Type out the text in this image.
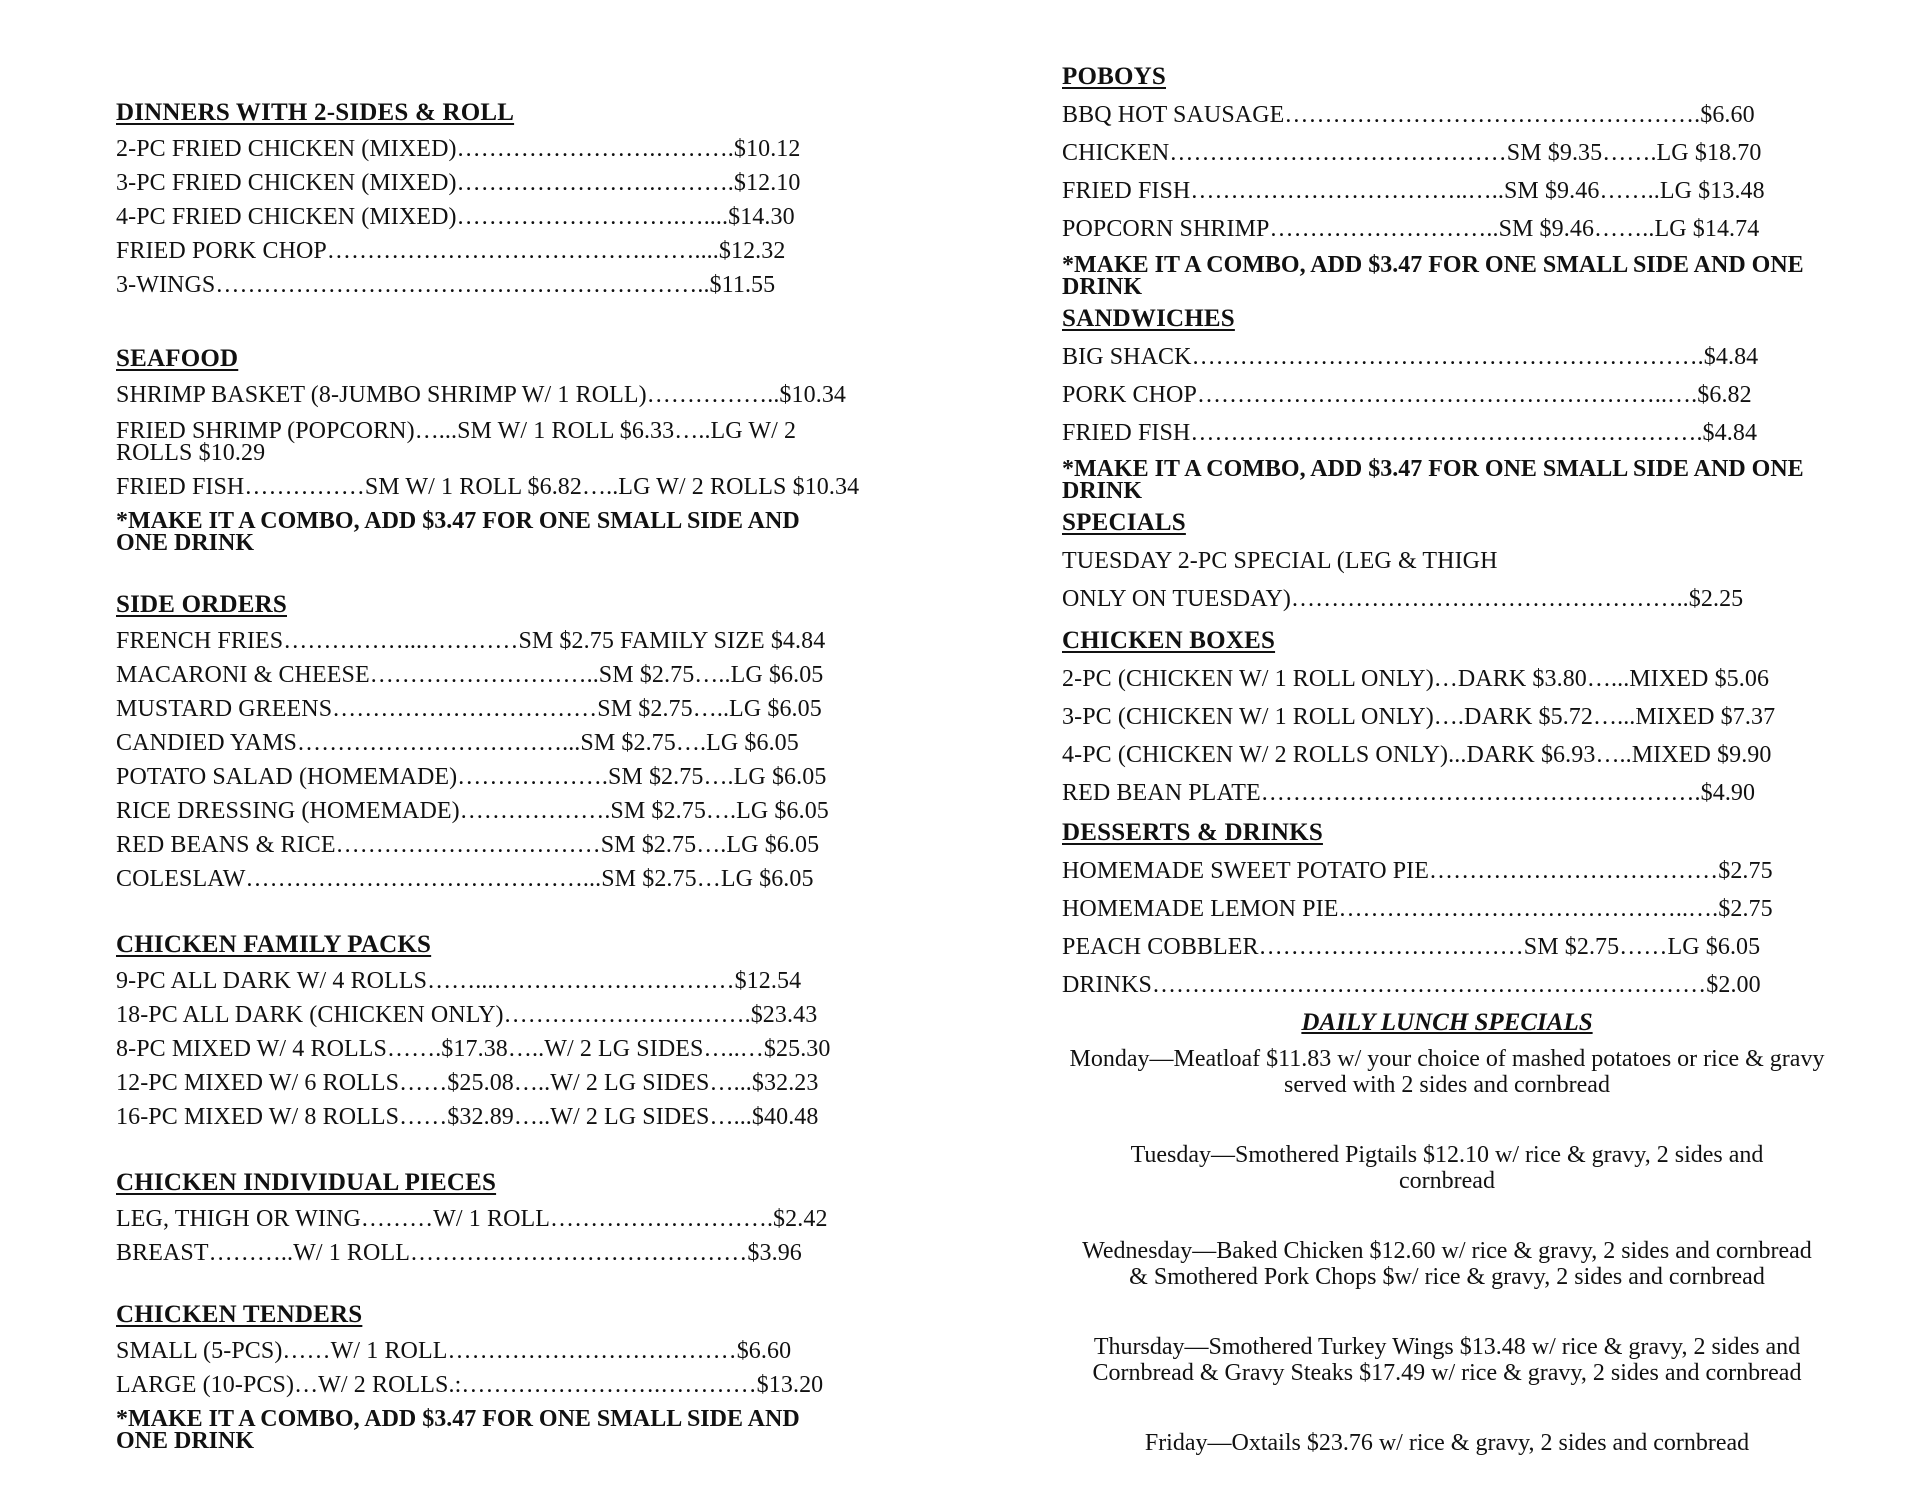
DINNERS WITH 2-SIDES & ROLL
2-PC FRIED CHICKEN (MIXED)…………………….……….$10.12
3-PC FRIED CHICKEN (MIXED)…………………….……….$12.10
4-PC FRIED CHICKEN (MIXED)……………………….…....$14.30
FRIED PORK CHOP………………………………….……....$12.32
3-WINGS……………………………………………………..$11.55
SEAFOOD
SHRIMP BASKET (8-JUMBO SHRIMP W/ 1 ROLL)……………..$10.34
FRIED SHRIMP (POPCORN)…...SM W/ 1 ROLL $6.33…..LG W/ 2 ROLLS $10.29
FRIED FISH……………SM W/ 1 ROLL $6.82…..LG W/ 2 ROLLS $10.34
*MAKE IT A COMBO, ADD $3.47 FOR ONE SMALL SIDE AND ONE DRINK
SIDE ORDERS
FRENCH FRIES……………...…………SM $2.75 FAMILY SIZE $4.84
MACARONI & CHEESE………………………..SM $2.75…..LG $6.05
MUSTARD GREENS……………………………SM $2.75…..LG $6.05
CANDIED YAMS……………………………...SM $2.75….LG $6.05
POTATO SALAD (HOMEMADE)……………….SM $2.75….LG $6.05
RICE DRESSING (HOMEMADE)……………….SM $2.75….LG $6.05
RED BEANS & RICE……………………………SM $2.75….LG $6.05
COLESLAW……………………………………...SM $2.75…LG $6.05
CHICKEN FAMILY PACKS
9-PC ALL DARK W/ 4 ROLLS……...…………………………$12.54
18-PC ALL DARK (CHICKEN ONLY)………………………….$23.43
8-PC MIXED W/ 4 ROLLS…….$17.38…..W/ 2 LG SIDES…..…$25.30
12-PC MIXED W/ 6 ROLLS……$25.08…..W/ 2 LG SIDES…...$32.23
16-PC MIXED W/ 8 ROLLS……$32.89…..W/ 2 LG SIDES…...$40.48
CHICKEN INDIVIDUAL PIECES
LEG, THIGH OR WING………W/ 1 ROLL……………………….$2.42
BREAST………..W/ 1 ROLL……………………………………$3.96
CHICKEN TENDERS
SMALL (5-PCS)……W/ 1 ROLL………………………………$6.60
LARGE (10-PCS)…W/ 2 ROLLS.:…………………….…………$13.20
*MAKE IT A COMBO, ADD $3.47 FOR ONE SMALL SIDE AND ONE DRINK
POBOYS
BBQ HOT SAUSAGE…………………………………………….$6.60
CHICKEN……………………………………SM $9.35…….LG $18.70
FRIED FISH……………………………..…..SM $9.46……..LG $13.48
POPCORN SHRIMP………………………..SM $9.46……..LG $14.74
*MAKE IT A COMBO, ADD $3.47 FOR ONE SMALL SIDE AND ONE DRINK
SANDWICHES
BIG SHACK……………………………………………………….$4.84
PORK CHOP…………………………………………………..….$6.82
FRIED FISH……………………………………………………….$4.84
*MAKE IT A COMBO, ADD $3.47 FOR ONE SMALL SIDE AND ONE DRINK
SPECIALS
TUESDAY 2-PC SPECIAL (LEG & THIGH
ONLY ON TUESDAY)…………………………………………..$2.25
CHICKEN BOXES
2-PC (CHICKEN W/ 1 ROLL ONLY)…DARK $3.80…...MIXED $5.06
3-PC (CHICKEN W/ 1 ROLL ONLY)….DARK $5.72…...MIXED $7.37
4-PC (CHICKEN W/ 2 ROLLS ONLY)...DARK $6.93…..MIXED $9.90
RED BEAN PLATE……………………………………………….$4.90
DESSERTS & DRINKS
HOMEMADE SWEET POTATO PIE………………………………$2.75
HOMEMADE LEMON PIE……………………………………..….$2.75
PEACH COBBLER……………………………SM $2.75……LG $6.05
DRINKS……………………………………………………………$2.00
DAILY LUNCH SPECIALS
Monday—Meatloaf $11.83 w/ your choice of mashed potatoes or rice & gravy served with 2 sides and cornbread
Tuesday—Smothered Pigtails $12.10 w/ rice & gravy, 2 sides and cornbread
Wednesday—Baked Chicken $12.60 w/ rice & gravy, 2 sides and cornbread & Smothered Pork Chops $w/ rice & gravy, 2 sides and cornbread
Thursday—Smothered Turkey Wings $13.48 w/ rice & gravy, 2 sides and Cornbread & Gravy Steaks $17.49 w/ rice & gravy, 2 sides and cornbread
Friday—Oxtails $23.76 w/ rice & gravy, 2 sides and cornbread
